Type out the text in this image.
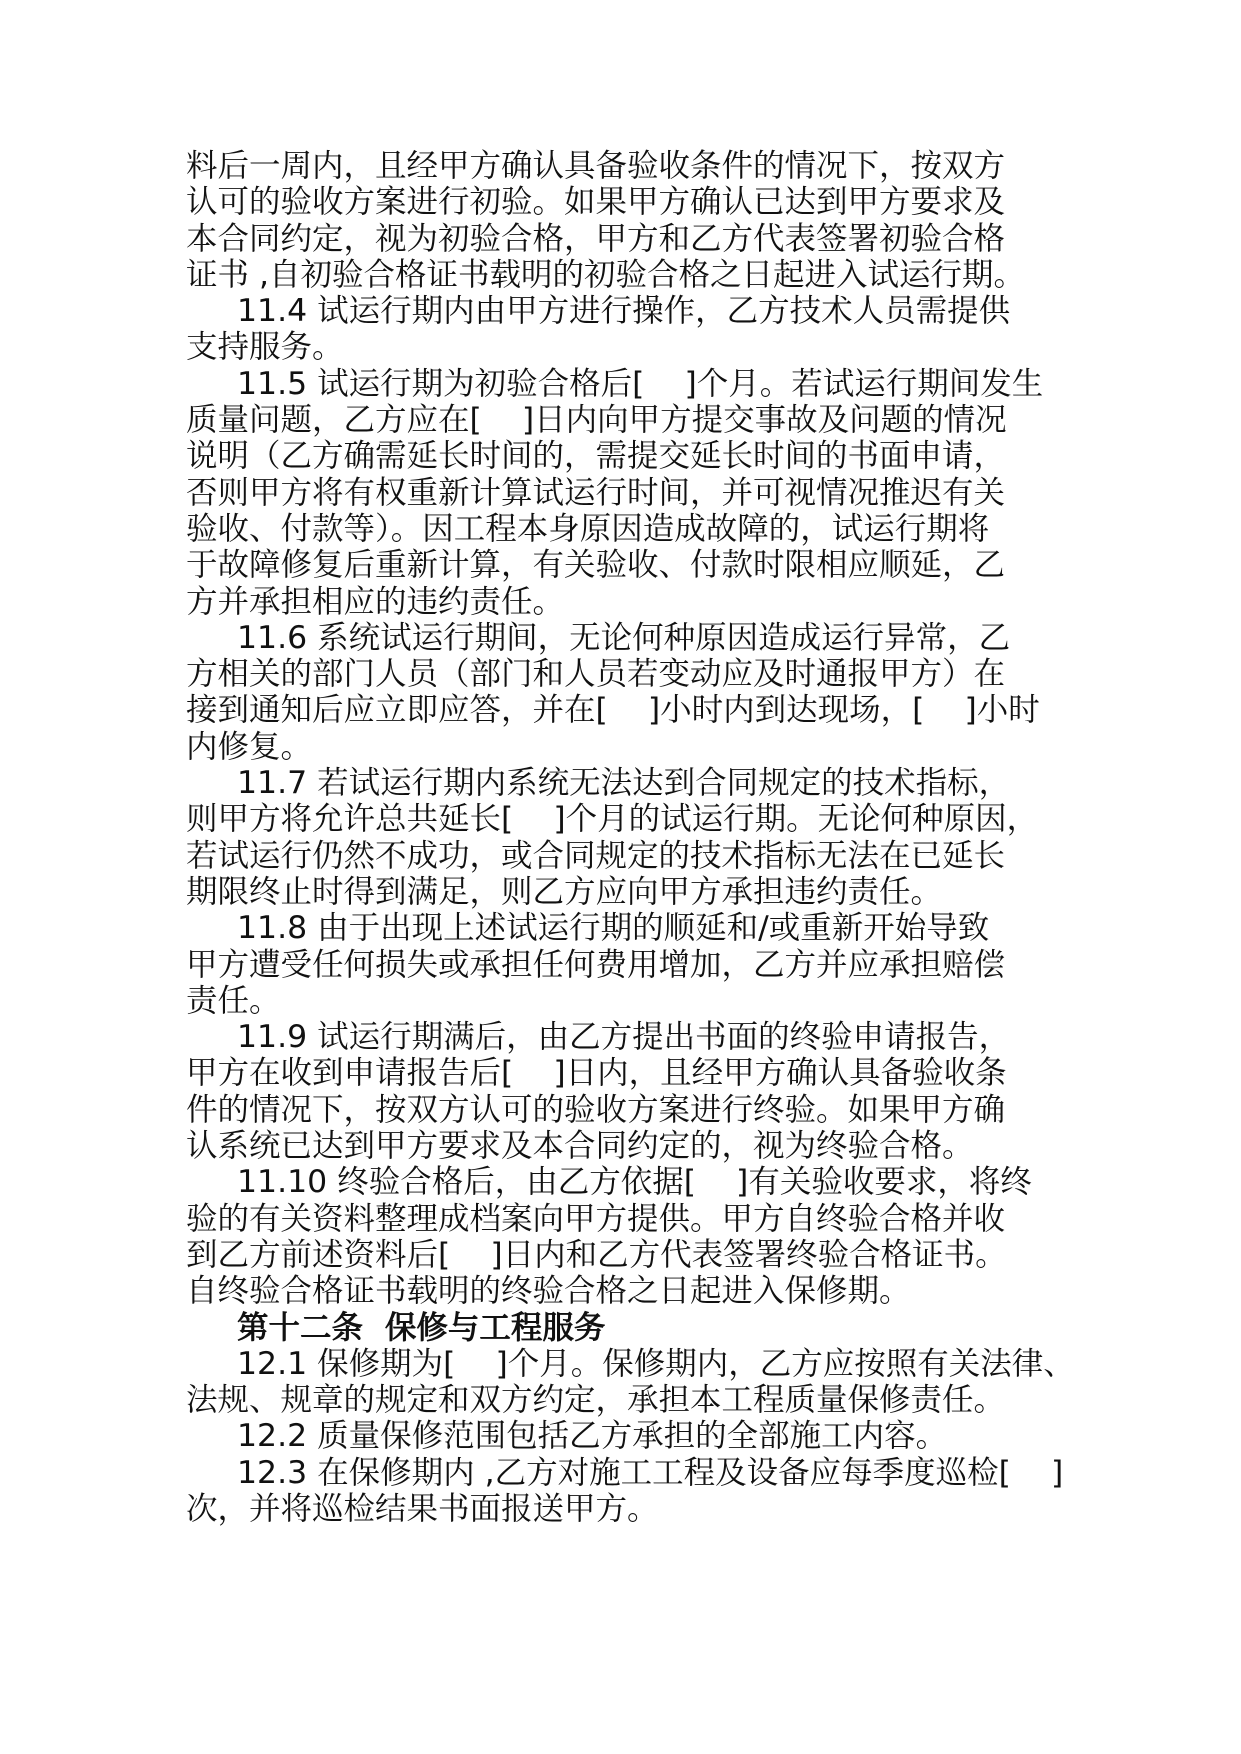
料后一周内，且经甲方确认具备验收条件的情况下，按双方
认可的验收方案进行初验。如果甲方确认已达到甲方要求及
本合同约定，视为初验合格，甲方和乙方代表签署初验合格
证书 ,自初验合格证书载明的初验合格之日起进入试运行期。
11.4 试运行期内由甲方进行操作，乙方技术人员需提供
支持服务。
11.5 试运行期为初验合格后[    ]个月。若试运行期间发生
质量问题，乙方应在[    ]日内向甲方提交事故及问题的情况
说明（乙方确需延长时间的，需提交延长时间的书面申请，
否则甲方将有权重新计算试运行时间，并可视情况推迟有关
验收、付款等）。因工程本身原因造成故障的，试运行期将
于故障修复后重新计算，有关验收、付款时限相应顺延，乙
方并承担相应的违约责任。
11.6 系统试运行期间，无论何种原因造成运行异常，乙
方相关的部门人员（部门和人员若变动应及时通报甲方）在
接到通知后应立即应答，并在[    ]小时内到达现场，[    ]小时
内修复。
11.7 若试运行期内系统无法达到合同规定的技术指标，
则甲方将允许总共延长[    ]个月的试运行期。无论何种原因，
若试运行仍然不成功，或合同规定的技术指标无法在已延长
期限终止时得到满足，则乙方应向甲方承担违约责任。
11.8 由于出现上述试运行期的顺延和/或重新开始导致
甲方遭受任何损失或承担任何费用增加，乙方并应承担赔偿
责任。
11.9 试运行期满后，由乙方提出书面的终验申请报告，
甲方在收到申请报告后[    ]日内，且经甲方确认具备验收条
件的情况下，按双方认可的验收方案进行终验。如果甲方确
认系统已达到甲方要求及本合同约定的，视为终验合格。
11.10 终验合格后，由乙方依据[    ]有关验收要求，将终
验的有关资料整理成档案向甲方提供。甲方自终验合格并收
到乙方前述资料后[    ]日内和乙方代表签署终验合格证书。
自终验合格证书载明的终验合格之日起进入保修期。
第十二条  保修与工程服务
12.1 保修期为[    ]个月。保修期内，乙方应按照有关法律、
法规、规章的规定和双方约定，承担本工程质量保修责任。
12.2 质量保修范围包括乙方承担的全部施工内容。
12.3 在保修期内 ,乙方对施工工程及设备应每季度巡检[    ]
次，并将巡检结果书面报送甲方。
